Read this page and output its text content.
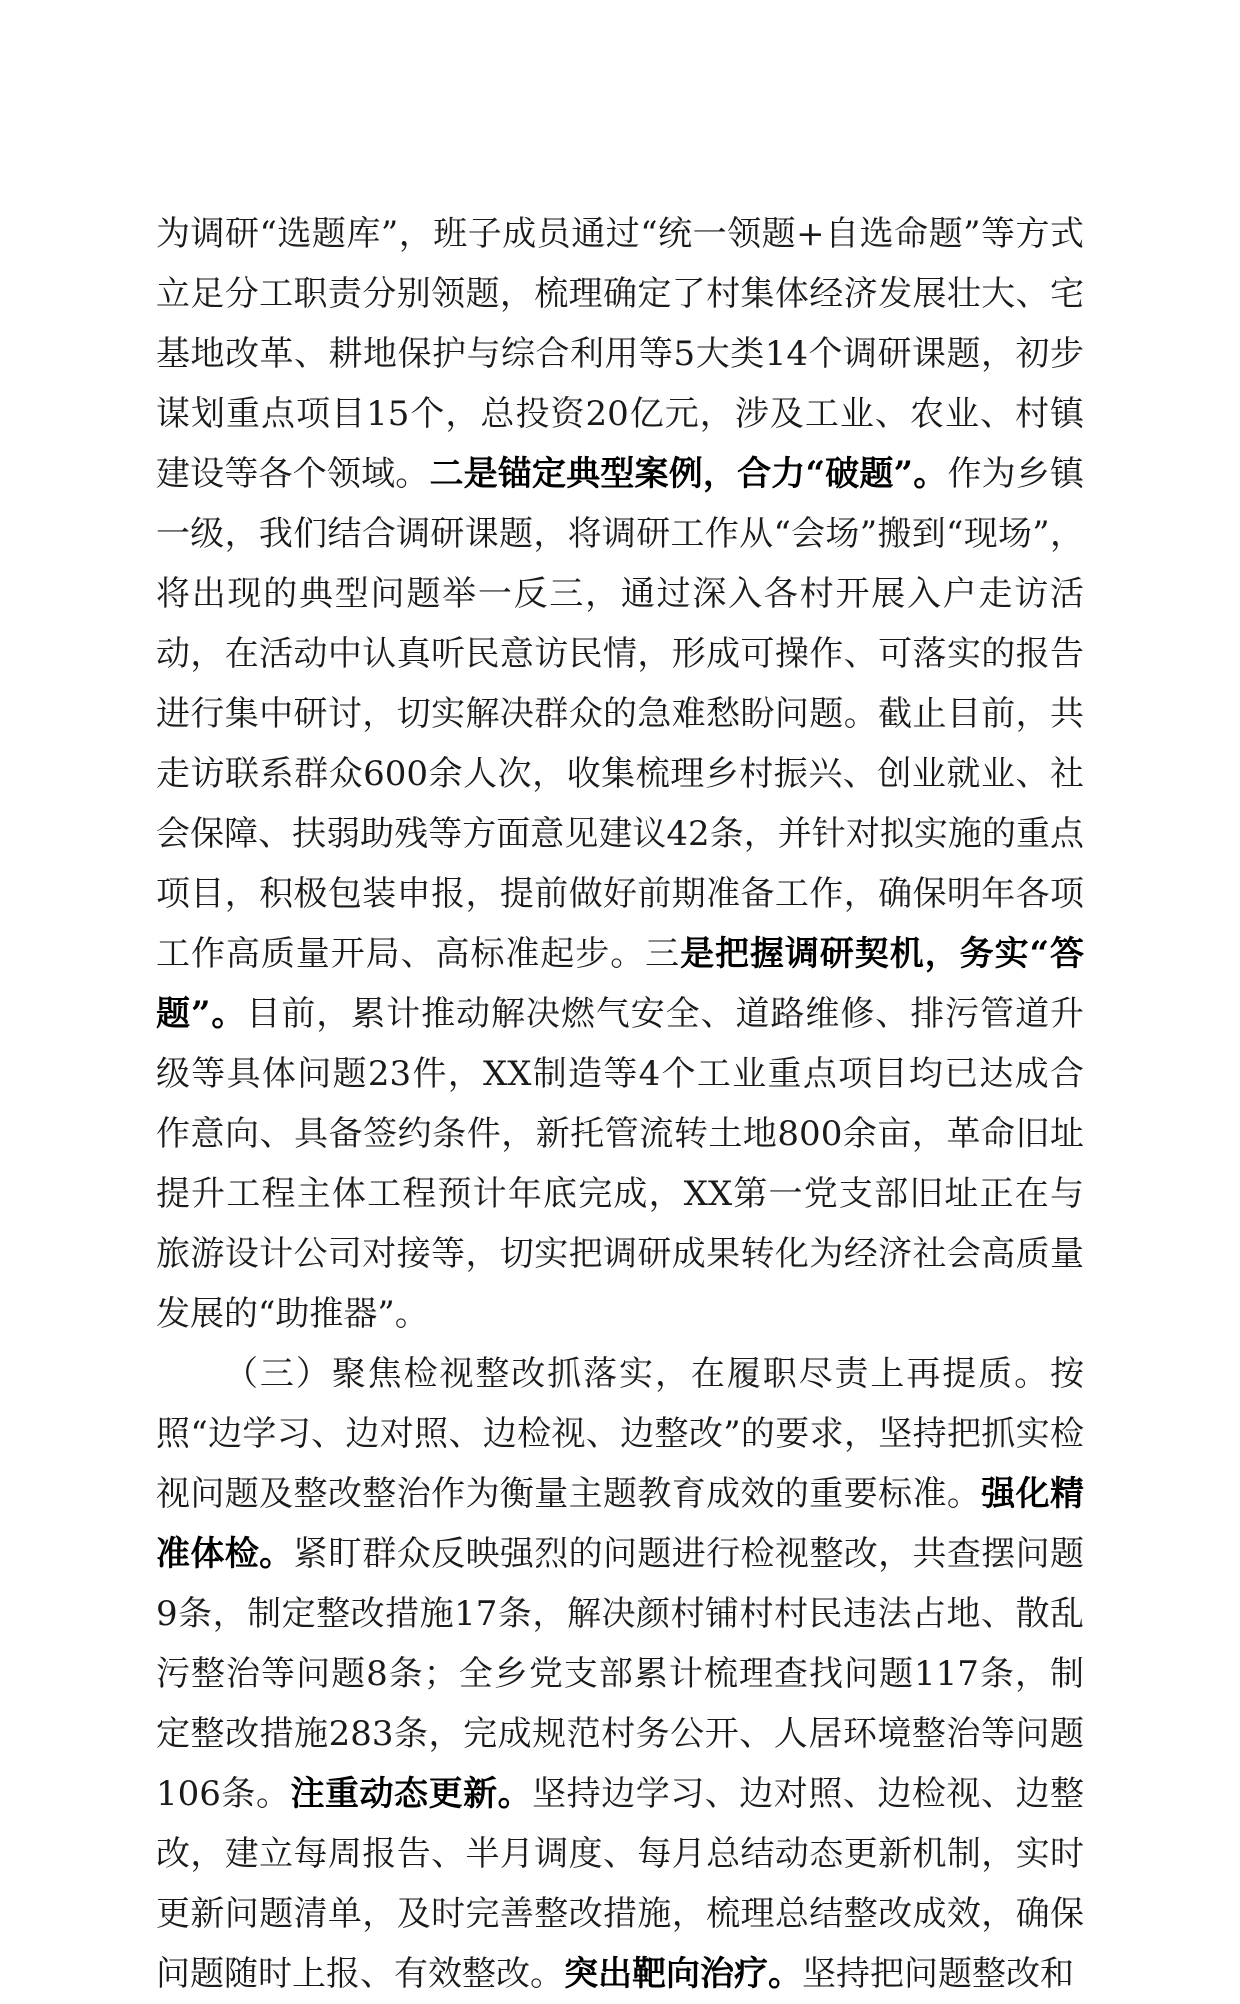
为调研“选题库”，班子成员通过“统一领题+自选命题”等方式立足分工职责分别领题，梳理确定了村集体经济发展壮大、宅基地改革、耕地保护与综合利用等5大类14个调研课题，初步谋划重点项目15个，总投资20亿元，涉及工业、农业、村镇建设等各个领域。二是锚定典型案例，合力“破题”。作为乡镇一级，我们结合调研课题，将调研工作从“会场”搬到“现场”，将出现的典型问题举一反三，通过深入各村开展入户走访活动，在活动中认真听民意访民情，形成可操作、可落实的报告进行集中研讨，切实解决群众的急难愁盼问题。截止目前，共走访联系群众600余人次，收集梳理乡村振兴、创业就业、社会保障、扶弱助残等方面意见建议42条，并针对拟实施的重点项目，积极包装申报，提前做好前期准备工作，确保明年各项工作高质量开局、高标准起步。三是把握调研契机，务实“答题”。目前，累计推动解决燃气安全、道路维修、排污管道升级等具体问题23件，XX制造等4个工业重点项目均已达成合作意向、具备签约条件，新托管流转土地800余亩，革命旧址提升工程主体工程预计年底完成，XX第一党支部旧址正在与旅游设计公司对接等，切实把调研成果转化为经济社会高质量发展的“助推器”。

（三）聚焦检视整改抓落实，在履职尽责上再提质。按照“边学习、边对照、边检视、边整改”的要求，坚持把抓实检视问题及整改整治作为衡量主题教育成效的重要标准。强化精准体检。紧盯群众反映强烈的问题进行检视整改，共查摆问题9条，制定整改措施17条，解决颜村铺村村民违法占地、散乱污整治等问题8条；全乡党支部累计梳理查找问题117条，制定整改措施283条，完成规范村务公开、人居环境整治等问题106条。注重动态更新。坚持边学习、边对照、边检视、边整改，建立每周报告、半月调度、每月总结动态更新机制，实时更新问题清单，及时完善整改措施，梳理总结整改成效，确保问题随时上报、有效整改。突出靶向治疗。坚持把问题整改和
